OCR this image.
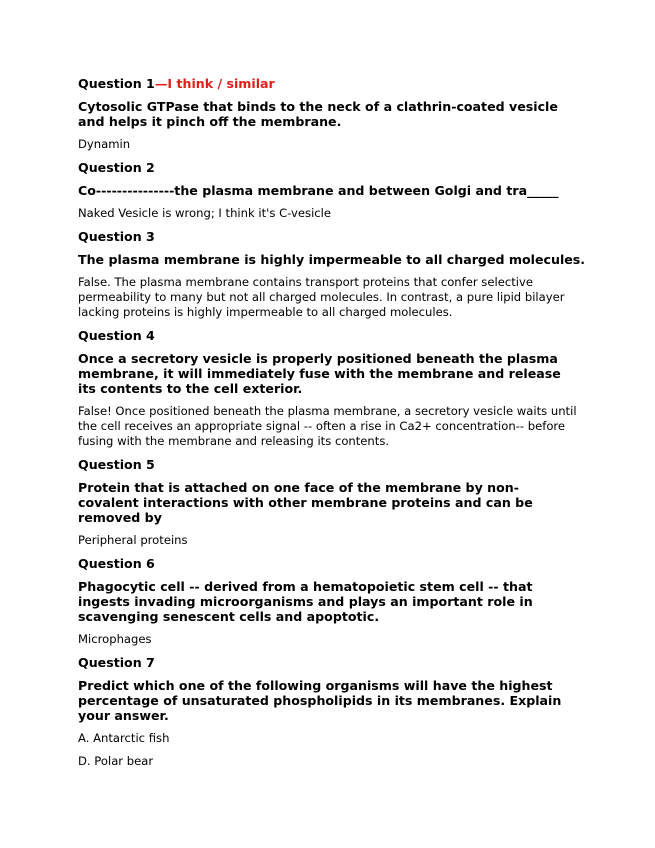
Question 1—I think / similar
Cytosolic GTPase that binds to the neck of a clathrin-coated vesicle and helps it pinch off the membrane.
Dynamin
Question 2
Co---------------the plasma membrane and between Golgi and tra_____
Naked Vesicle is wrong; I think it's C-vesicle
Question 3
The plasma membrane is highly impermeable to all charged molecules.
False. The plasma membrane contains transport proteins that confer selective permeability to many but not all charged molecules. In contrast, a pure lipid bilayer lacking proteins is highly impermeable to all charged molecules.
Question 4
Once a secretory vesicle is properly positioned beneath the plasma membrane, it will immediately fuse with the membrane and release its contents to the cell exterior.
False! Once positioned beneath the plasma membrane, a secretory vesicle waits until the cell receives an appropriate signal -- often a rise in Ca2+ concentration-- before fusing with the membrane and releasing its contents.
Question 5
Protein that is attached on one face of the membrane by non-covalent interactions with other membrane proteins and can be removed by
Peripheral proteins
Question 6
Phagocytic cell -- derived from a hematopoietic stem cell -- that ingests invading microorganisms and plays an important role in scavenging senescent cells and apoptotic.
Microphages
Question 7
Predict which one of the following organisms will have the highest percentage of unsaturated phospholipids in its membranes. Explain your answer.
A. Antarctic fish
D. Polar bear
